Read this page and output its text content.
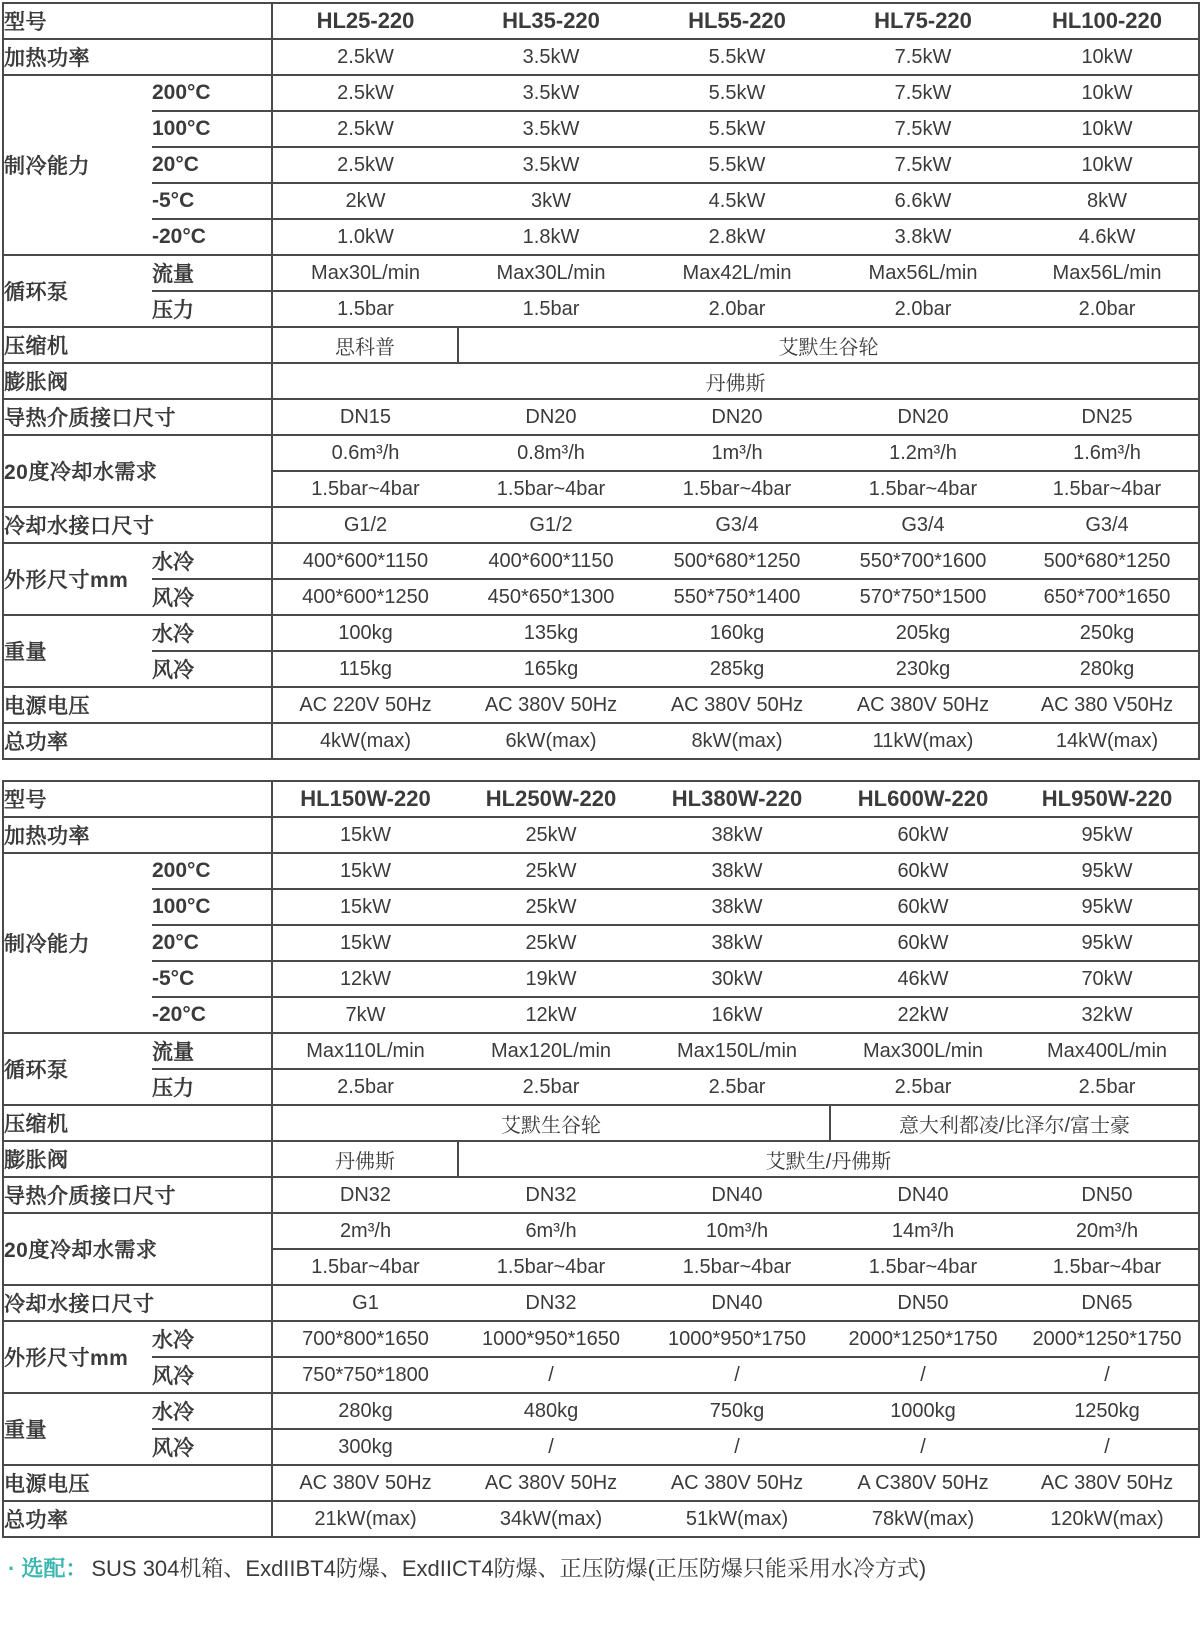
型号		HL25-220	HL35-220	HL55-220	HL75-220	HL100-220
加热功率		2.5kW	3.5kW	5.5kW	7.5kW	10kW
制冷能力	200°C	2.5kW	3.5kW	5.5kW	7.5kW	10kW
	100°C	2.5kW	3.5kW	5.5kW	7.5kW	10kW
	20°C	2.5kW	3.5kW	5.5kW	7.5kW	10kW
	-5°C	2kW	3kW	4.5kW	6.6kW	8kW
	-20°C	1.0kW	1.8kW	2.8kW	3.8kW	4.6kW
循环泵	流量	Max30L/min	Max30L/min	Max42L/min	Max56L/min	Max56L/min
	压力	1.5bar	1.5bar	2.0bar	2.0bar	2.0bar
压缩机		思科普	艾默生谷轮			
膨胀阀		丹佛斯				
导热介质接口尺寸		DN15	DN20	DN20	DN20	DN25
20度冷却水需求		0.6m³/h	0.8m³/h	1m³/h	1.2m³/h	1.6m³/h
		1.5bar~4bar	1.5bar~4bar	1.5bar~4bar	1.5bar~4bar	1.5bar~4bar
冷却水接口尺寸		G1/2	G1/2	G3/4	G3/4	G3/4
外形尺寸mm	水冷	400*600*1150	400*600*1150	500*680*1250	550*700*1600	500*680*1250
	风冷	400*600*1250	450*650*1300	550*750*1400	570*750*1500	650*700*1650
重量	水冷	100kg	135kg	160kg	205kg	250kg
	风冷	115kg	165kg	285kg	230kg	280kg
电源电压		AC 220V 50Hz	AC 380V 50Hz	AC 380V 50Hz	AC 380V 50Hz	AC 380 V50Hz
总功率		4kW(max)	6kW(max)	8kW(max)	11kW(max)	14kW(max)
型号		HL150W-220	HL250W-220	HL380W-220	HL600W-220	HL950W-220
加热功率		15kW	25kW	38kW	60kW	95kW
制冷能力	200°C	15kW	25kW	38kW	60kW	95kW
	100°C	15kW	25kW	38kW	60kW	95kW
	20°C	15kW	25kW	38kW	60kW	95kW
	-5°C	12kW	19kW	30kW	46kW	70kW
	-20°C	7kW	12kW	16kW	22kW	32kW
循环泵	流量	Max110L/min	Max120L/min	Max150L/min	Max300L/min	Max400L/min
	压力	2.5bar	2.5bar	2.5bar	2.5bar	2.5bar
压缩机		艾默生谷轮			意大利都凌/比泽尔/富士豪	
膨胀阀		丹佛斯	艾默生/丹佛斯			
导热介质接口尺寸		DN32	DN32	DN40	DN40	DN50
20度冷却水需求		2m³/h	6m³/h	10m³/h	14m³/h	20m³/h
		1.5bar~4bar	1.5bar~4bar	1.5bar~4bar	1.5bar~4bar	1.5bar~4bar
冷却水接口尺寸		G1	DN32	DN40	DN50	DN65
外形尺寸mm	水冷	700*800*1650	1000*950*1650	1000*950*1750	2000*1250*1750	2000*1250*1750
	风冷	750*750*1800	/	/	/	/
重量	水冷	280kg	480kg	750kg	1000kg	1250kg
	风冷	300kg	/	/	/	/
电源电压		AC 380V 50Hz	AC 380V 50Hz	AC 380V 50Hz	A C380V 50Hz	AC 380V 50Hz
总功率		21kW(max)	34kW(max)	51kW(max)	78kW(max)	120kW(max)
· 选配： SUS 304机箱、ExdIIBT4防爆、ExdIICT4防爆、正压防爆(正压防爆只能采用水冷方式)
